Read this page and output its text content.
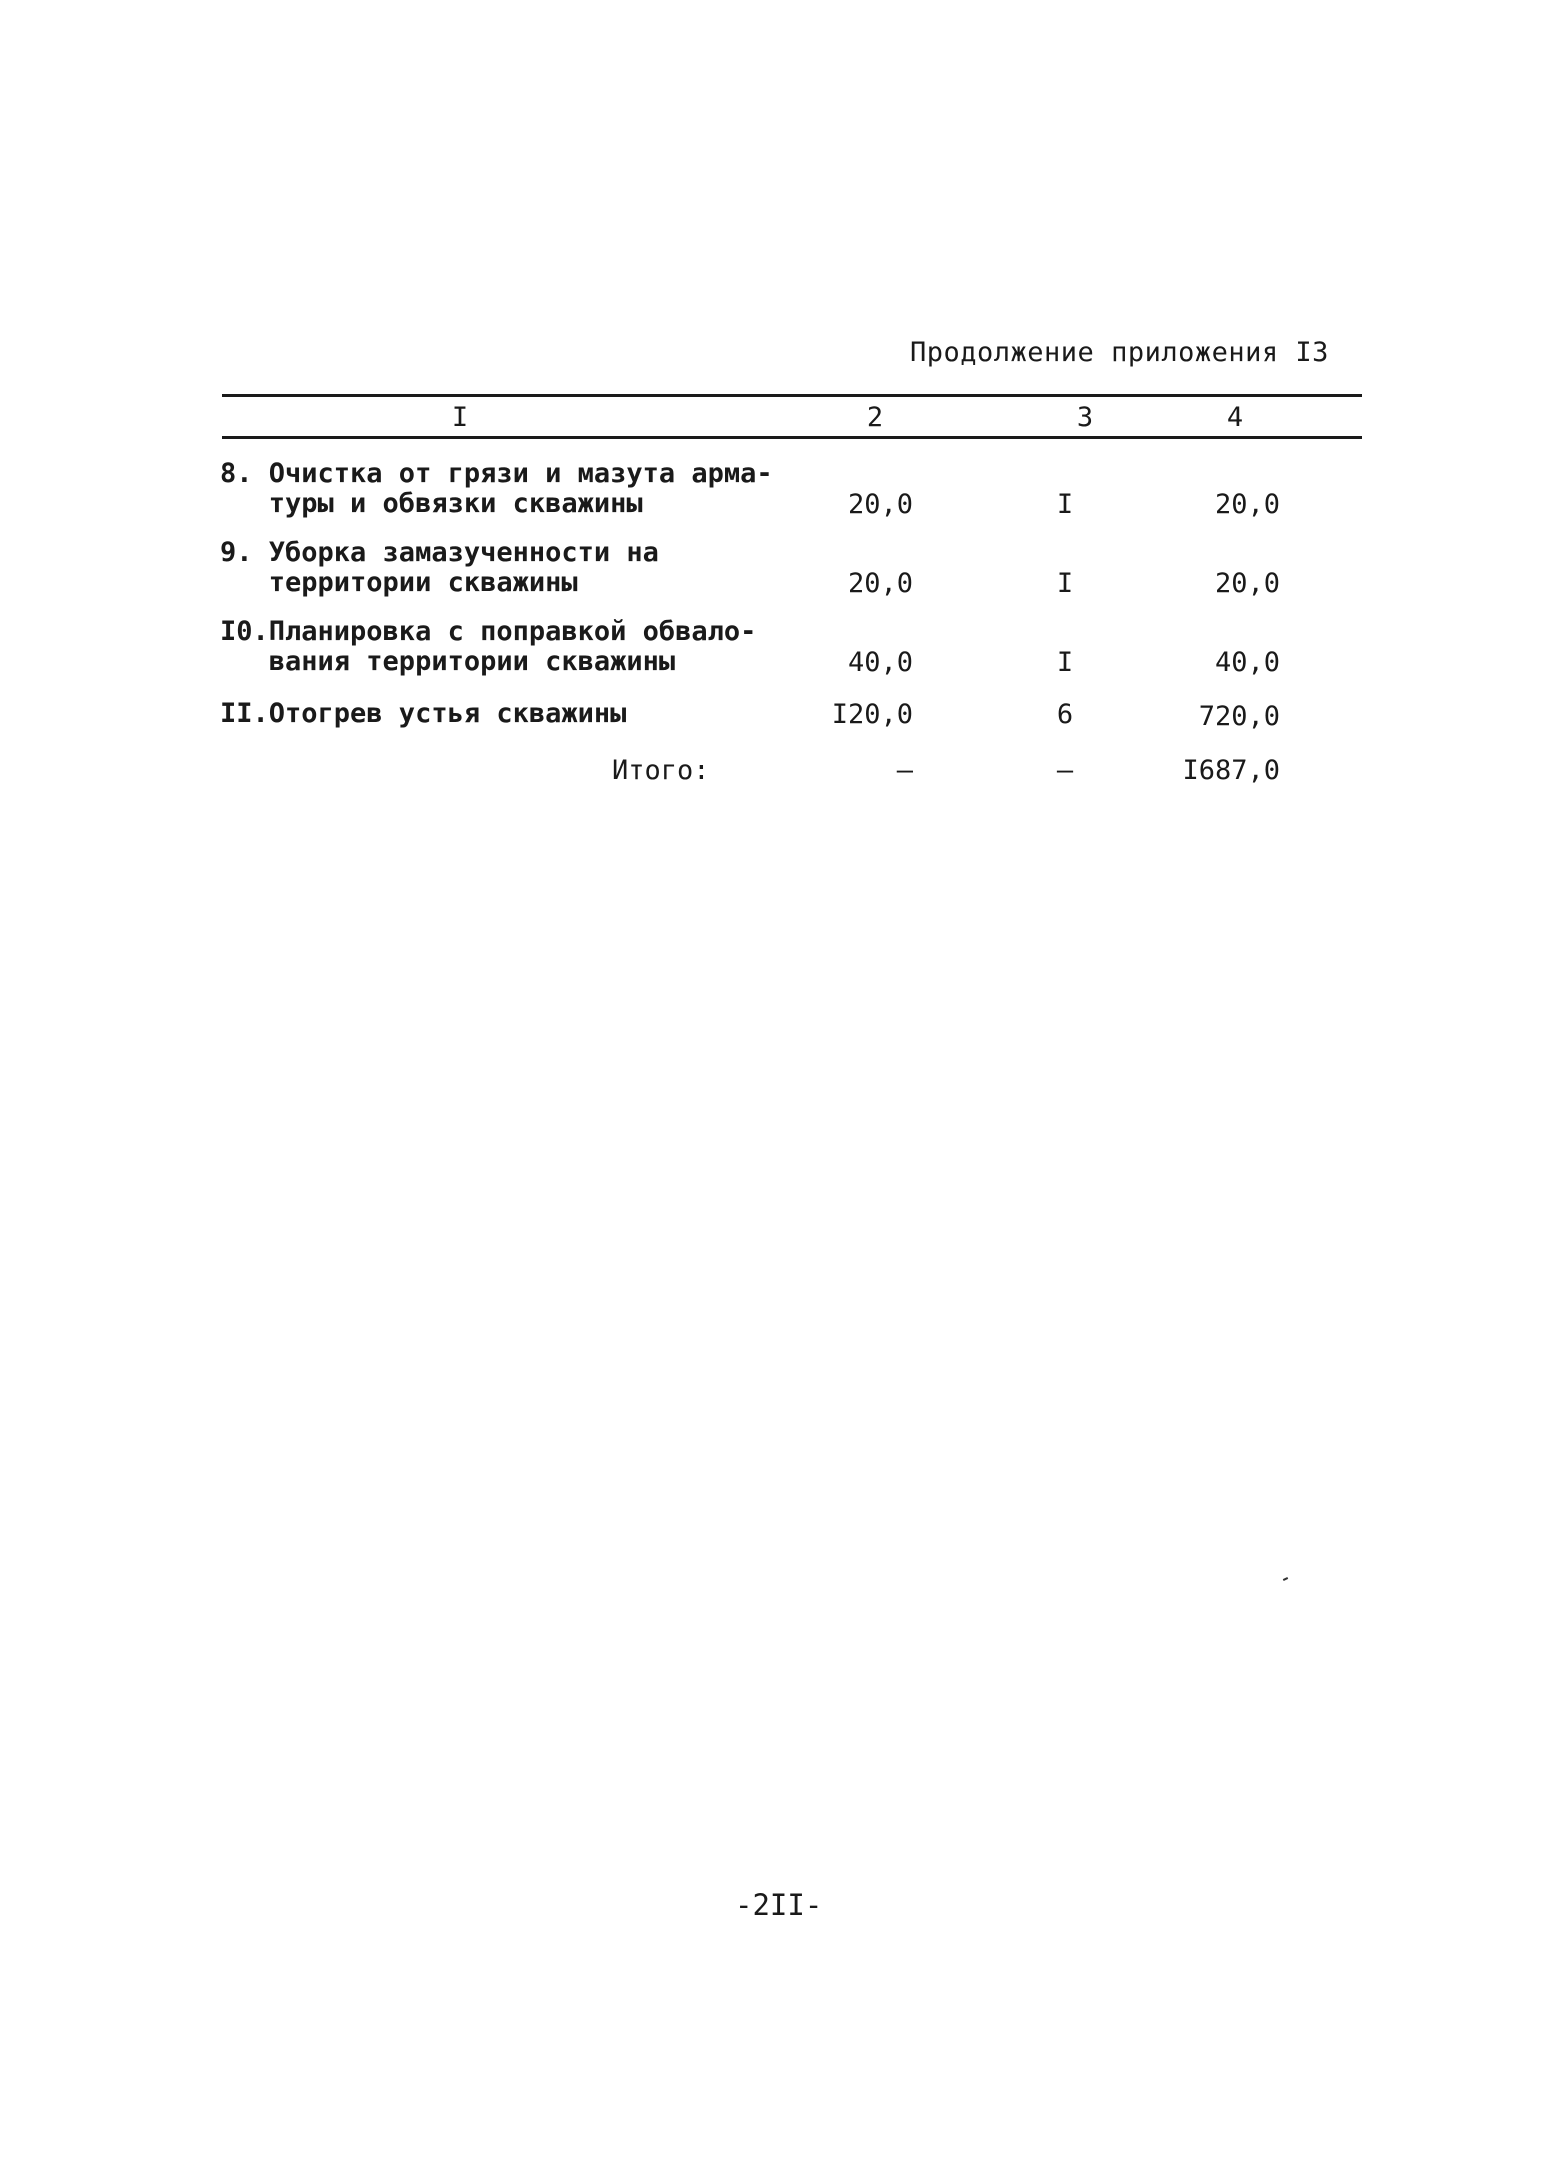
Продолжение приложения I3
I	2	3	4
8. Очистка от грязи и мазута арма-
туры и обвязки скважины	20,0	I	20,0
9. Уборка замазученности на
территории скважины	20,0	I	20,0
I0.Планировка с поправкой обвало-
вания территории скважины	40,0	I	40,0
II.Отогрев устья скважины	I20,0	6	720,0
Итого:	–	–	I687,0
-2II-
